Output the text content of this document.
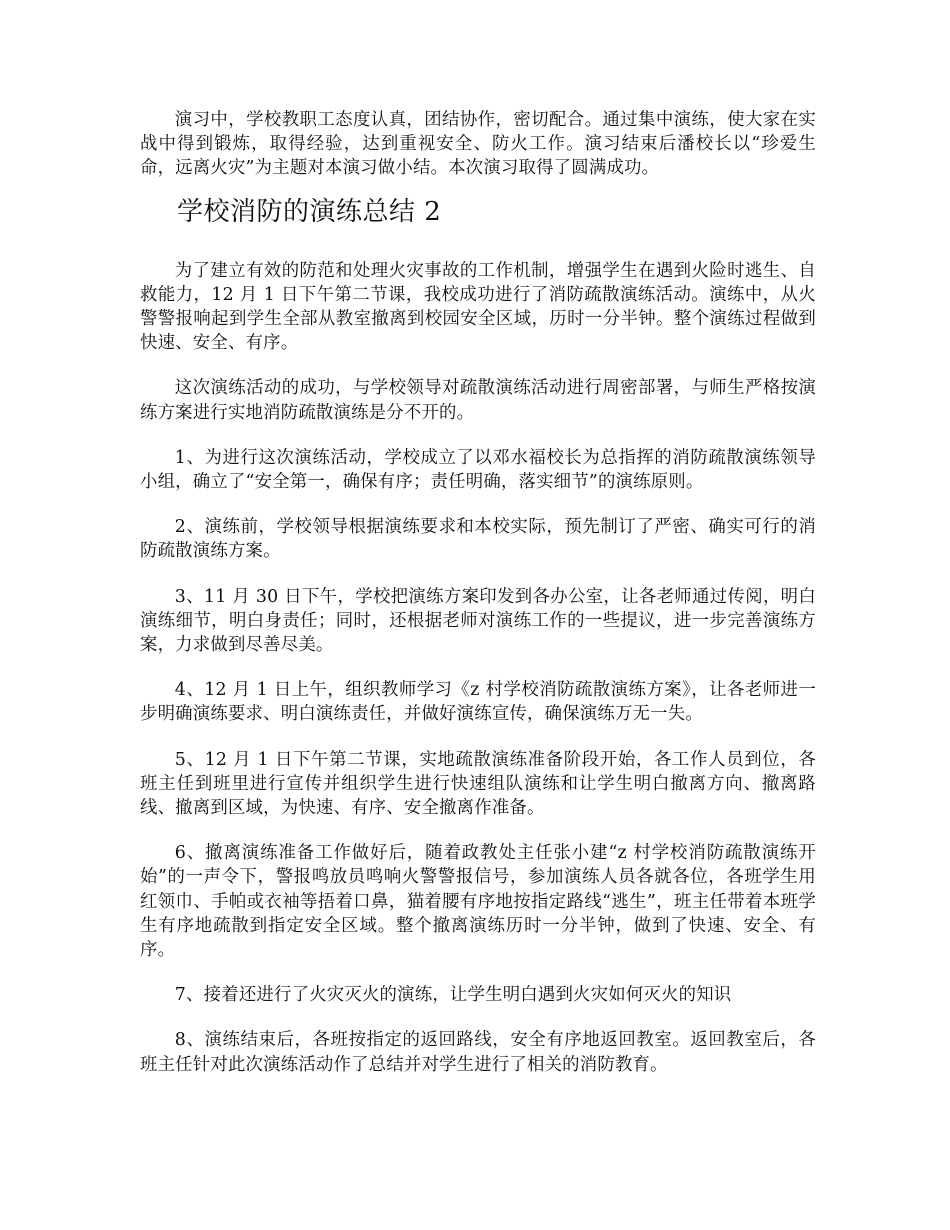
演习中，学校教职工态度认真，团结协作，密切配合。通过集中演练，使大家在实战中得到锻炼，取得经验，达到重视安全、防火工作。演习结束后潘校长以“珍爱生命，远离火灾”为主题对本演习做小结。本次演习取得了圆满成功。

学校消防的演练总结 2

为了建立有效的防范和处理火灾事故的工作机制，增强学生在遇到火险时逃生、自救能力，12 月 1 日下午第二节课，我校成功进行了消防疏散演练活动。演练中，从火警警报响起到学生全部从教室撤离到校园安全区域，历时一分半钟。整个演练过程做到快速、安全、有序。

这次演练活动的成功，与学校领导对疏散演练活动进行周密部署，与师生严格按演练方案进行实地消防疏散演练是分不开的。

1、为进行这次演练活动，学校成立了以邓水福校长为总指挥的消防疏散演练领导小组，确立了“安全第一，确保有序；责任明确，落实细节”的演练原则。

2、演练前，学校领导根据演练要求和本校实际，预先制订了严密、确实可行的消防疏散演练方案。

3、11 月 30 日下午，学校把演练方案印发到各办公室，让各老师通过传阅，明白演练细节，明白身责任；同时，还根据老师对演练工作的一些提议，进一步完善演练方案，力求做到尽善尽美。

4、12 月 1 日上午，组织教师学习《z 村学校消防疏散演练方案》，让各老师进一步明确演练要求、明白演练责任，并做好演练宣传，确保演练万无一失。

5、12 月 1 日下午第二节课，实地疏散演练准备阶段开始，各工作人员到位，各班主任到班里进行宣传并组织学生进行快速组队演练和让学生明白撤离方向、撤离路线、撤离到区域，为快速、有序、安全撤离作准备。

6、撤离演练准备工作做好后，随着政教处主任张小建“z 村学校消防疏散演练开始”的一声令下，警报鸣放员鸣响火警警报信号，参加演练人员各就各位，各班学生用红领巾、手帕或衣袖等捂着口鼻，猫着腰有序地按指定路线“逃生”，班主任带着本班学生有序地疏散到指定安全区域。整个撤离演练历时一分半钟，做到了快速、安全、有序。

7、接着还进行了火灾灭火的演练，让学生明白遇到火灾如何灭火的知识

8、演练结束后，各班按指定的返回路线，安全有序地返回教室。返回教室后，各班主任针对此次演练活动作了总结并对学生进行了相关的消防教育。
